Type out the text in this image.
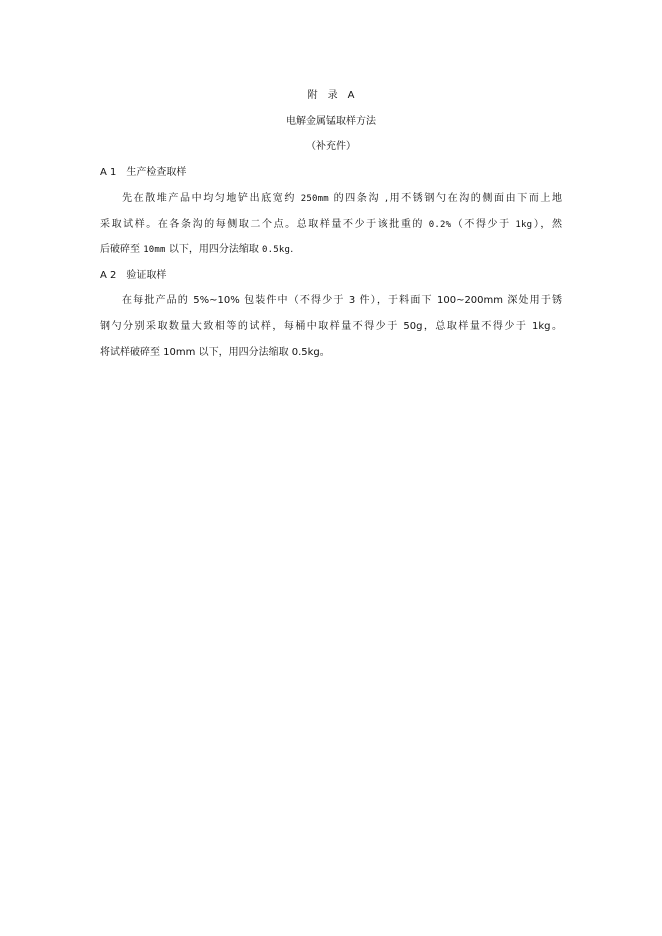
附　录　A
电解金属锰取样方法
（补充件）
A 1　生产检查取样
先在散堆产品中均匀地铲出底宽约 250mm 的四条沟 ,用不锈钢勺在沟的侧面由下而上地
采取试样。在各条沟的每侧取二个点。总取样量不少于该批重的 0.2%（不得少于 1kg），然
后破碎至 10mm 以下，用四分法缩取 0.5kg.
A 2　验证取样
在每批产品的 5%~10% 包装件中（不得少于 3 件），于料面下 100~200mm 深处用于锈
钢勺分别采取数量大致相等的试样，每桶中取样量不得少于 50g，总取样量不得少于 1kg。
将试样破碎至 10mm 以下，用四分法缩取 0.5kg。
